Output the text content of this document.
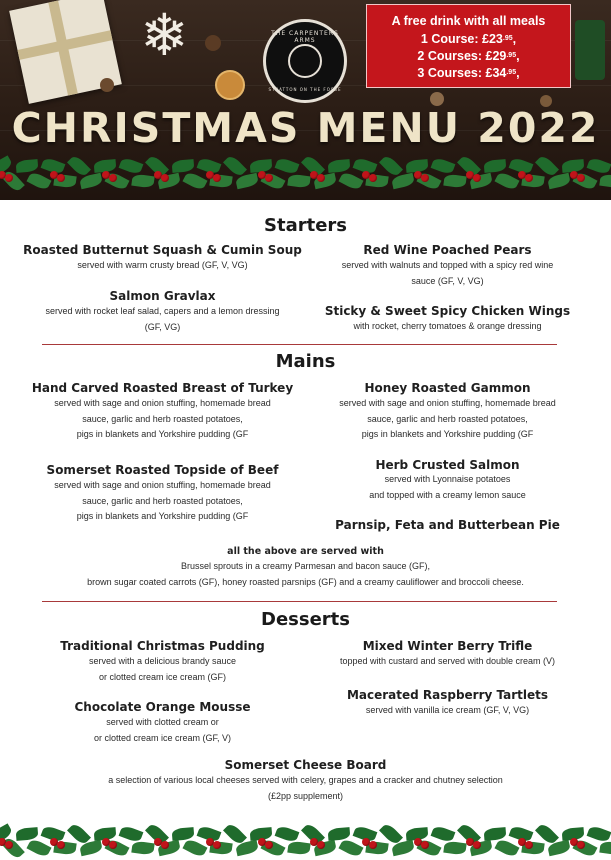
❄	THE CARPENTERS ARMS
STRATTON ON THE FOSSE
A free drink with all meals
1 Course: $£23^{.95}$,
2 Courses: $£29^{.95}$,
3 Courses: $£34^{.95}$,
CHRISTMAS MENU 2022
Starters
Roasted Butternut Squash & Cumin Soup
served with warm crusty bread (GF, V, VG)
Red Wine Poached Pears
served with walnuts and topped with a spicy red wine
sauce (GF, V, VG)
Salmon Gravlax
served with rocket leaf salad, capers and a lemon dressing
(GF, VG)
Sticky & Sweet Spicy Chicken Wings
with rocket, cherry tomatoes & orange dressing
Mains
Hand Carved Roasted Breast of Turkey
served with sage and onion stuffing, homemade bread
sauce, garlic and herb roasted potatoes,
pigs in blankets and Yorkshire pudding (GF
Honey Roasted Gammon
served with sage and onion stuffing, homemade bread
sauce, garlic and herb roasted potatoes,
pigs in blankets and Yorkshire pudding (GF
Somerset Roasted Topside of Beef
served with sage and onion stuffing, homemade bread
sauce, garlic and herb roasted potatoes,
pigs in blankets and Yorkshire pudding (GF
Herb Crusted Salmon
served with Lyonnaise potatoes
and topped with a creamy lemon sauce
Parnsip, Feta and Butterbean Pie
all the above are served with
Brussel sprouts in a creamy Parmesan and bacon sauce (GF),
brown sugar coated carrots (GF), honey roasted parsnips (GF) and a creamy cauliflower and broccoli cheese.
Desserts
Traditional Christmas Pudding
served with a delicious brandy sauce
or clotted cream ice cream (GF)
Mixed Winter Berry Trifle
topped with custard and served with double cream (V)
Chocolate Orange Mousse
served with clotted cream or
or clotted cream ice cream (GF, V)
Macerated Raspberry Tartlets
served with vanilla ice cream (GF, V, VG)
Somerset Cheese Board
a selection of various local cheeses served with celery, grapes and a cracker and chutney selection
(£2pp supplement)
